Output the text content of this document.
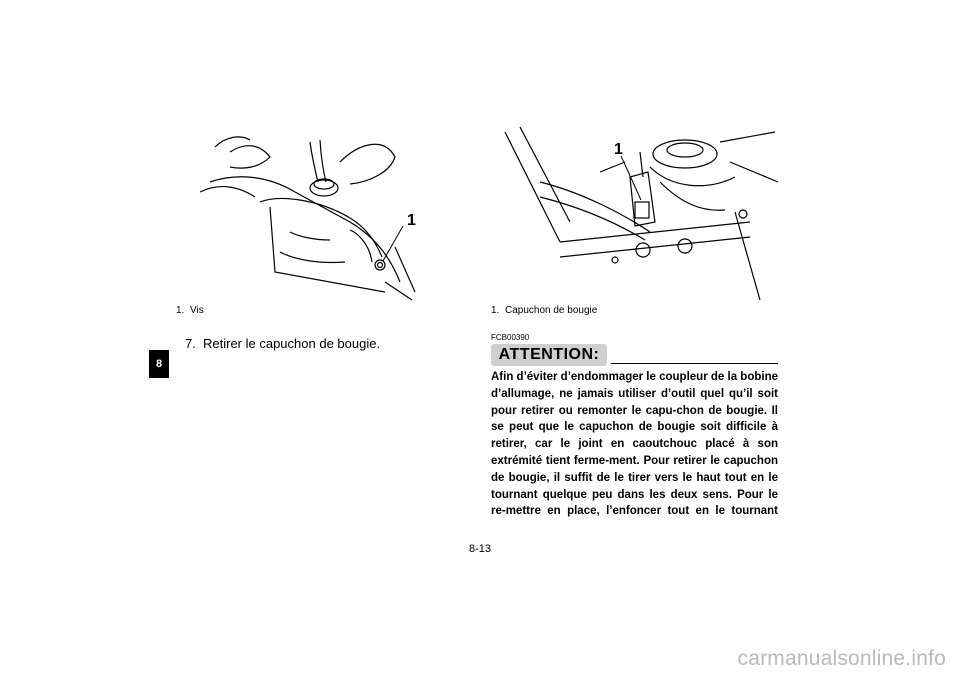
1
1
1. Vis	1. Capuchon de bougie
8
7. Retirer le capuchon de bougie.	FCB00390
ATTENTION:
Afin d’éviter d’endommager le coupleur de la bobine d’allumage, ne jamais utiliser d’outil quel qu’il soit pour retirer ou remonter le capu-chon de bougie. Il se peut que le capuchon de bougie soit difficile à retirer, car le joint en caoutchouc placé à son extrémité tient ferme-ment. Pour retirer le capuchon de bougie, il suffit de le tirer vers le haut tout en le tournant quelque peu dans les deux sens. Pour le re-mettre en place, l’enfoncer tout en le tournant
8-13
carmanualsonline.info
